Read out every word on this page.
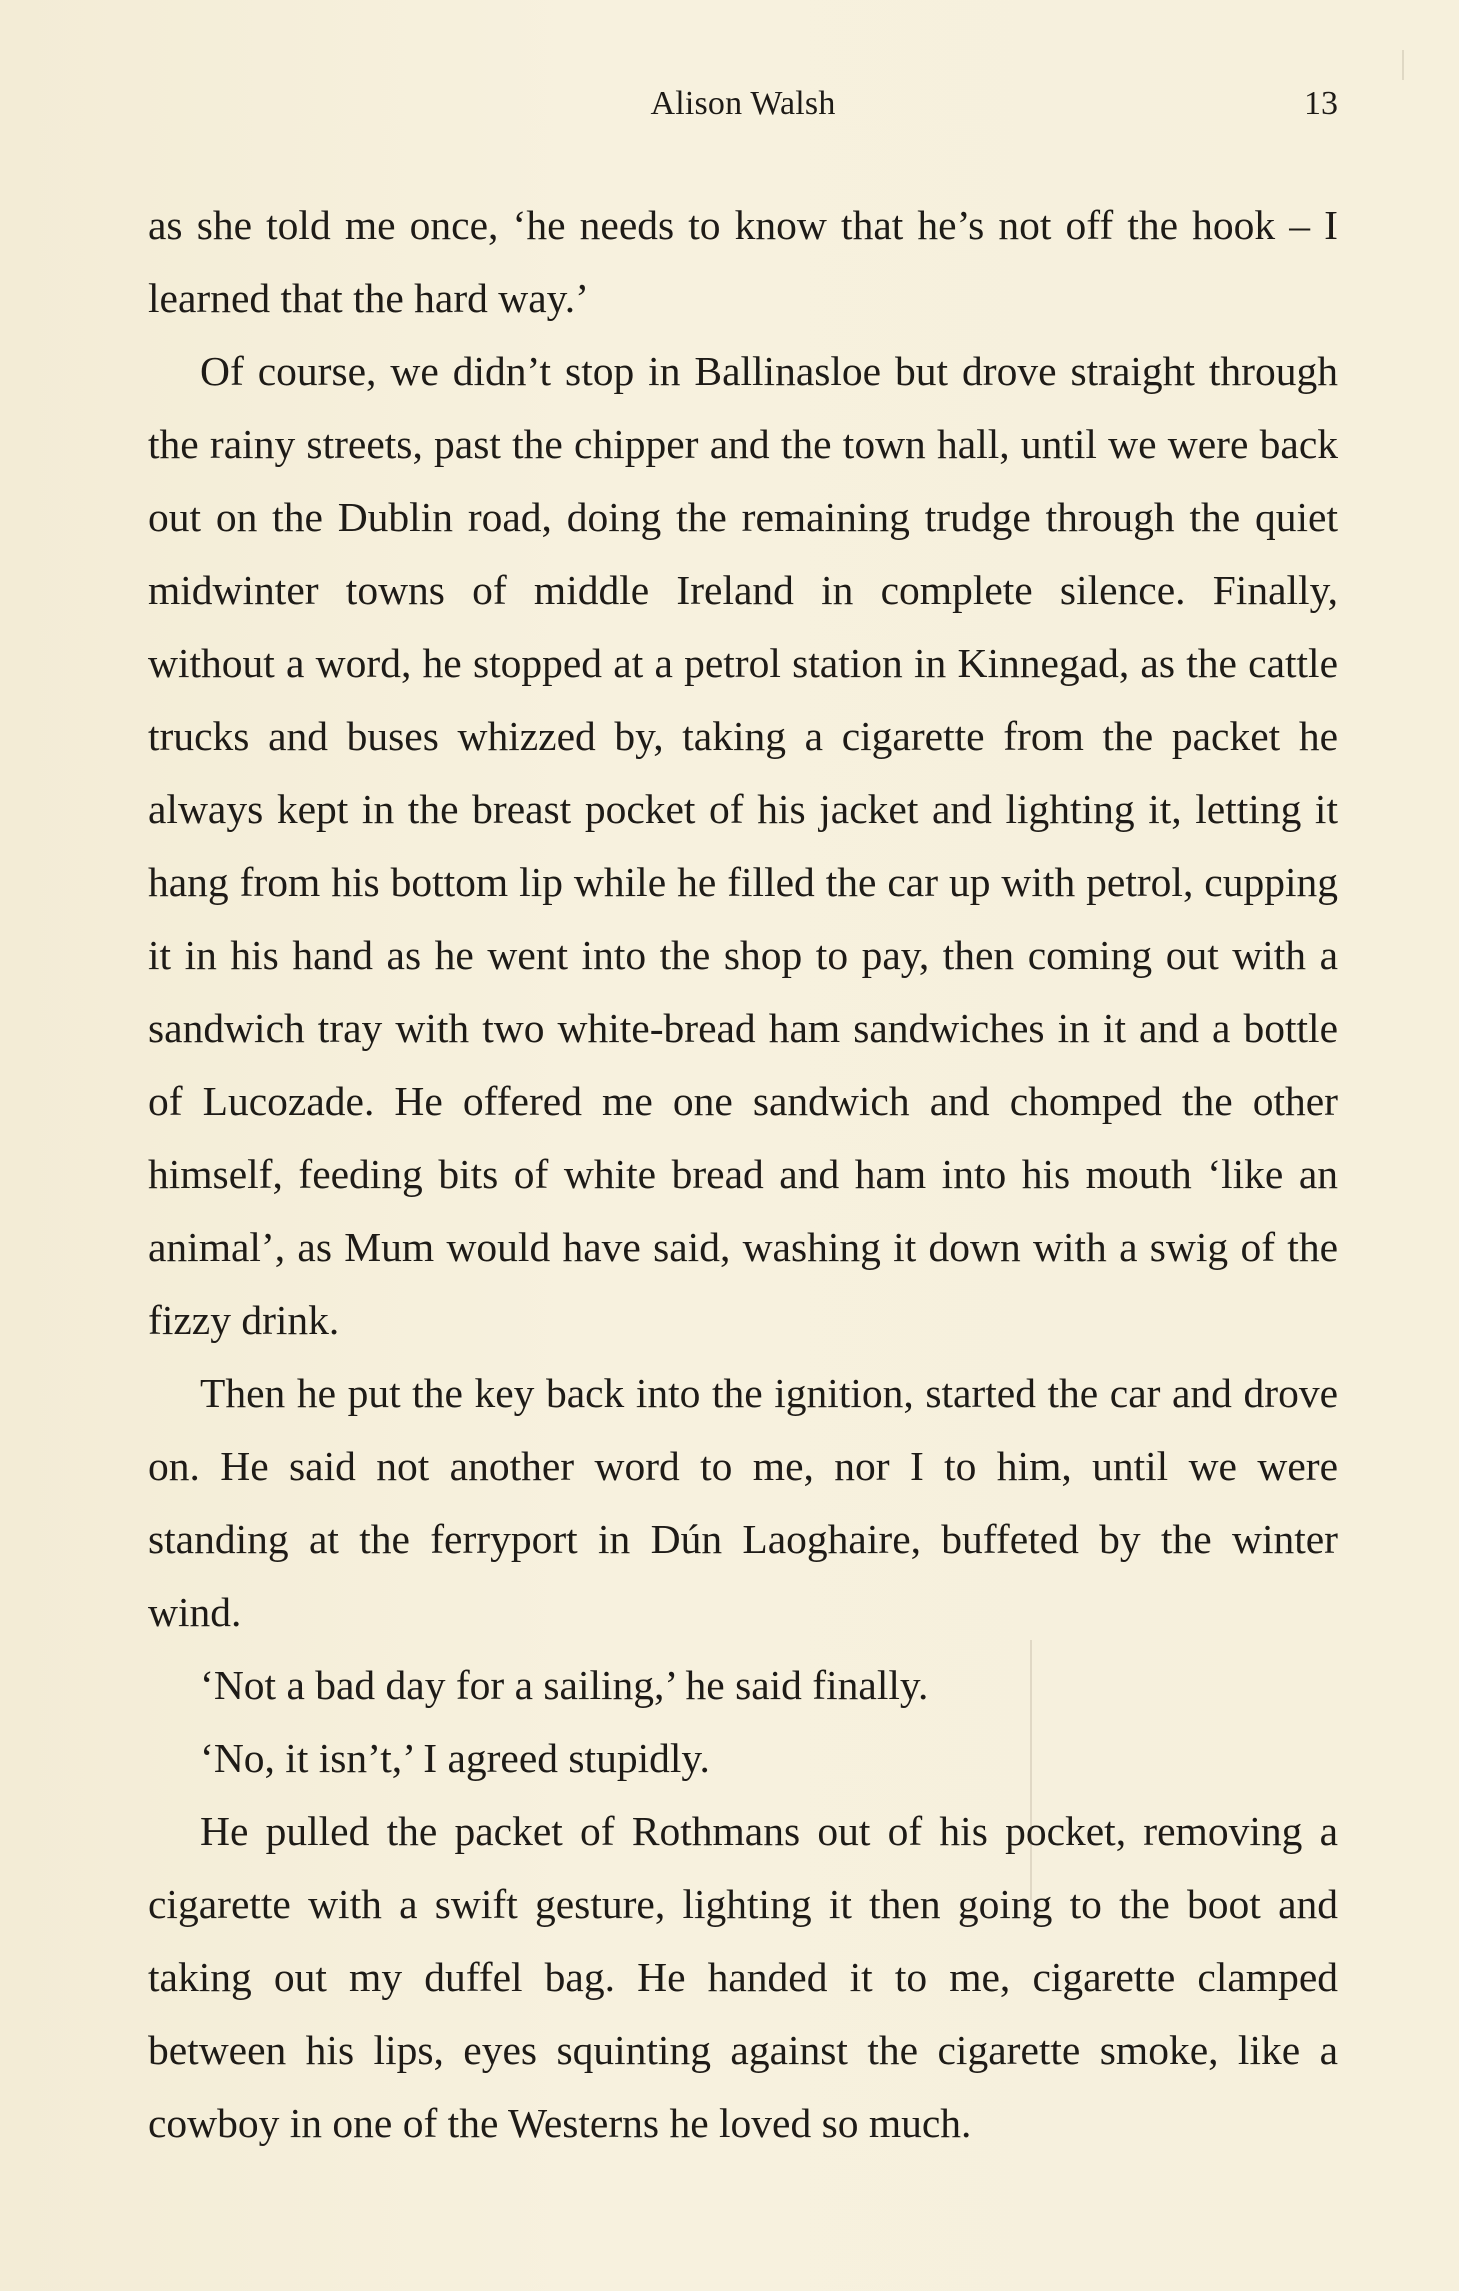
Alison Walsh	13

as she told me once, ‘he needs to know that he’s not off the hook – I learned that the hard way.’

Of course, we didn’t stop in Ballinasloe but drove straight through the rainy streets, past the chipper and the town hall, until we were back out on the Dublin road, doing the remaining trudge through the quiet midwinter towns of middle Ireland in complete silence. Finally, without a word, he stopped at a petrol station in Kinnegad, as the cattle trucks and buses whizzed by, taking a cigarette from the packet he always kept in the breast pocket of his jacket and lighting it, letting it hang from his bottom lip while he filled the car up with petrol, cupping it in his hand as he went into the shop to pay, then coming out with a sandwich tray with two white-bread ham sandwiches in it and a bottle of Lucozade. He offered me one sandwich and chomped the other himself, feeding bits of white bread and ham into his mouth ‘like an animal’, as Mum would have said, washing it down with a swig of the fizzy drink.

Then he put the key back into the ignition, started the car and drove on. He said not another word to me, nor I to him, until we were standing at the ferryport in Dún Laoghaire, buffeted by the winter wind.

‘Not a bad day for a sailing,’ he said finally.

‘No, it isn’t,’ I agreed stupidly.

He pulled the packet of Rothmans out of his pocket, removing a cigarette with a swift gesture, lighting it then going to the boot and taking out my duffel bag. He handed it to me, cigarette clamped between his lips, eyes squinting against the cigarette smoke, like a cowboy in one of the Westerns he loved so much.
